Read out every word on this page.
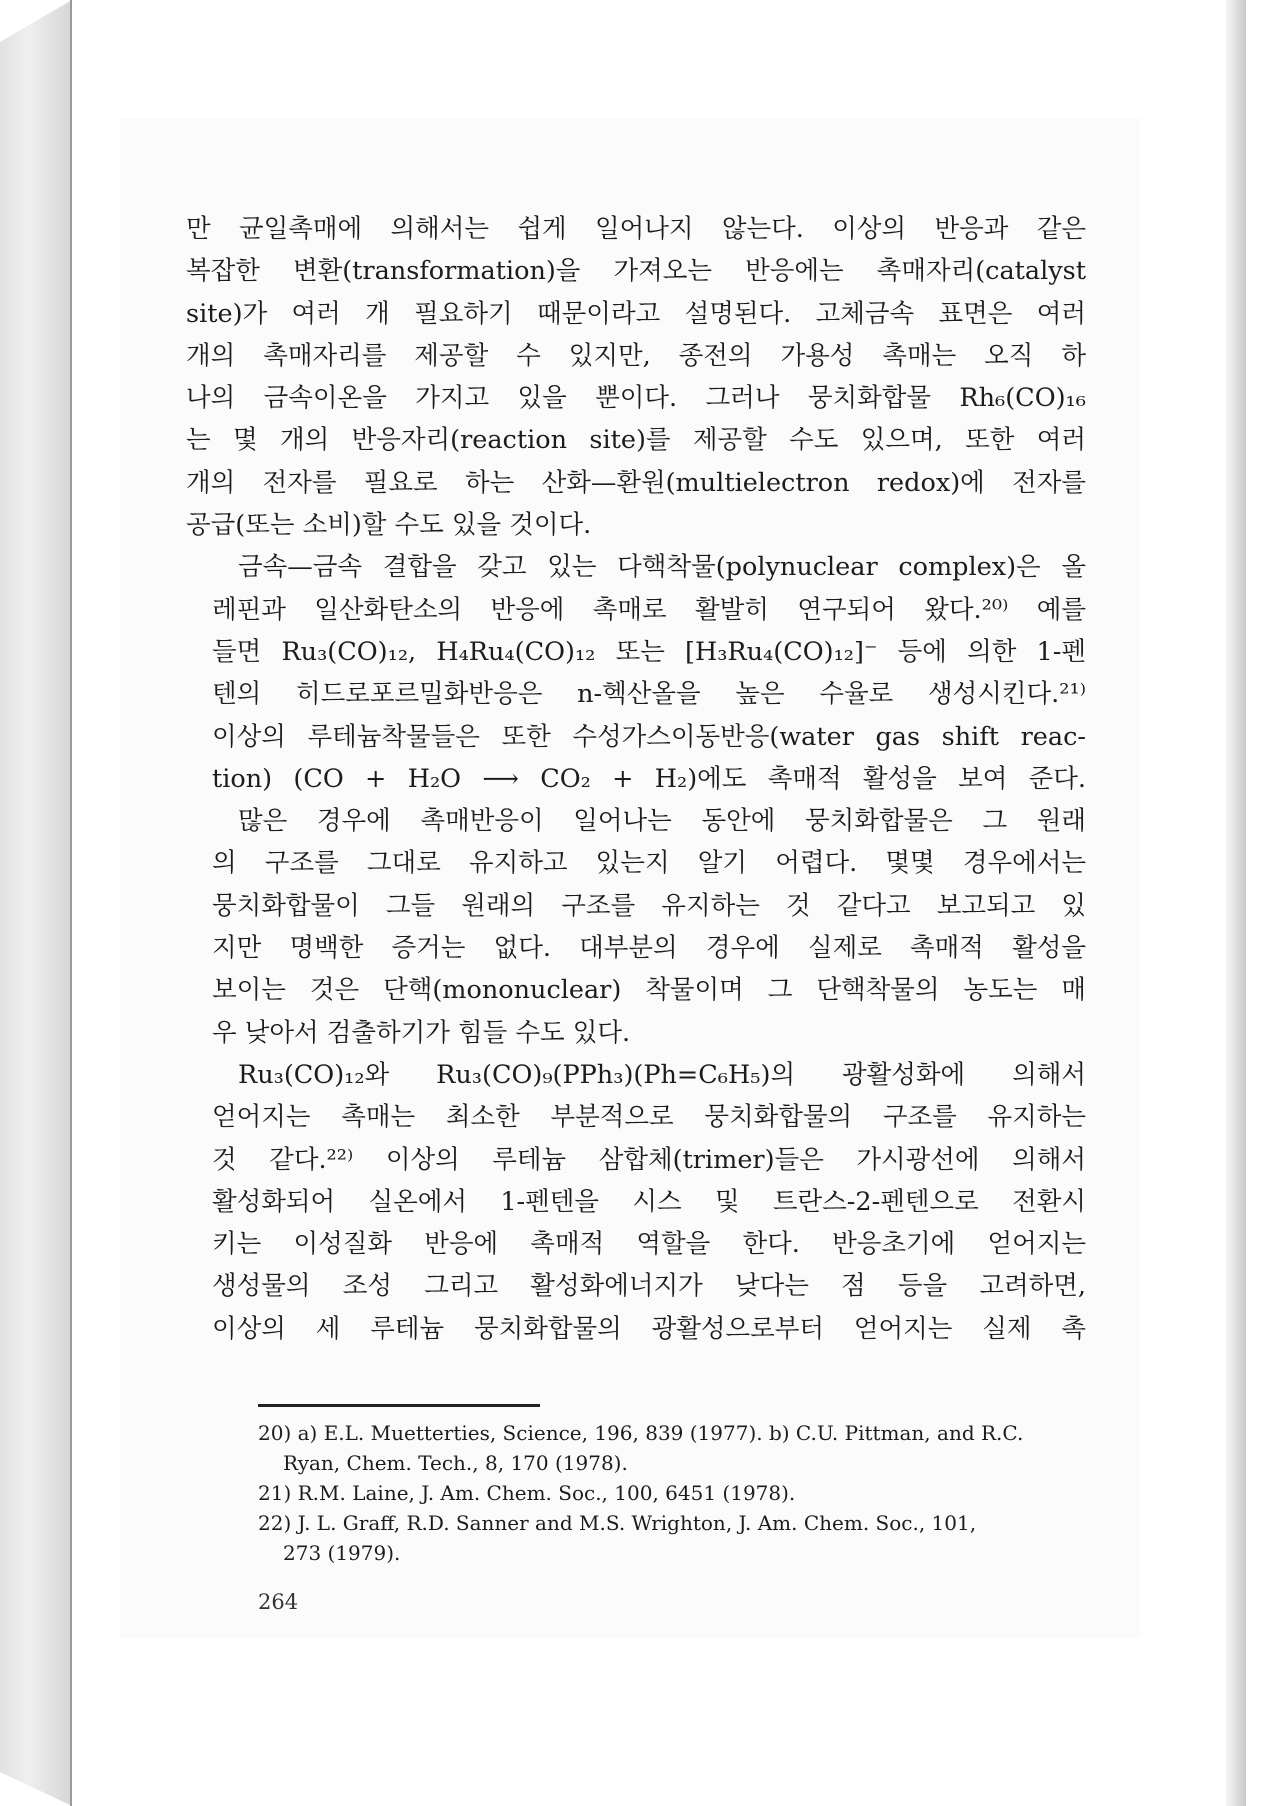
만 균일촉매에 의해서는 쉽게 일어나지 않는다. 이상의 반응과 같은
복잡한 변환(transformation)을 가져오는 반응에는 촉매자리(catalyst
site)가 여러 개 필요하기 때문이라고 설명된다. 고체금속 표면은 여러
개의 촉매자리를 제공할 수 있지만, 종전의 가용성 촉매는 오직 하
나의 금속이온을 가지고 있을 뿐이다. 그러나 뭉치화합물 Rh₆(CO)₁₆
는 몇 개의 반응자리(reaction site)를 제공할 수도 있으며, 또한 여러
개의 전자를 필요로 하는 산화—환원(multielectron redox)에 전자를
공급(또는 소비)할 수도 있을 것이다.

금속—금속 결합을 갖고 있는 다핵착물(polynuclear complex)은 올
레핀과 일산화탄소의 반응에 촉매로 활발히 연구되어 왔다.²⁰⁾ 예를
들면 Ru₃(CO)₁₂, H₄Ru₄(CO)₁₂ 또는 [H₃Ru₄(CO)₁₂]⁻ 등에 의한 1-펜
텐의 히드로포르밀화반응은 n-헥산올을 높은 수율로 생성시킨다.²¹⁾
이상의 루테늄착물들은 또한 수성가스이동반응(water gas shift reac-
tion) (CO + H₂O ⟶ CO₂ + H₂)에도 촉매적 활성을 보여 준다.

많은 경우에 촉매반응이 일어나는 동안에 뭉치화합물은 그 원래
의 구조를 그대로 유지하고 있는지 알기 어렵다. 몇몇 경우에서는
뭉치화합물이 그들 원래의 구조를 유지하는 것 같다고 보고되고 있
지만 명백한 증거는 없다. 대부분의 경우에 실제로 촉매적 활성을
보이는 것은 단핵(mononuclear) 착물이며 그 단핵착물의 농도는 매
우 낮아서 검출하기가 힘들 수도 있다.

Ru₃(CO)₁₂와 Ru₃(CO)₉(PPh₃)(Ph=C₆H₅)의 광활성화에 의해서
얻어지는 촉매는 최소한 부분적으로 뭉치화합물의 구조를 유지하는
것 같다.²²⁾ 이상의 루테늄 삼합체(trimer)들은 가시광선에 의해서
활성화되어 실온에서 1-펜텐을 시스 및 트란스-2-펜텐으로 전환시
키는 이성질화 반응에 촉매적 역할을 한다. 반응초기에 얻어지는
생성물의 조성 그리고 활성화에너지가 낮다는 점 등을 고려하면,
이상의 세 루테늄 뭉치화합물의 광활성으로부터 얻어지는 실제 촉

20) a) E.L. Muetterties, Science, 196, 839 (1977). b) C.U. Pittman, and R.C.
Ryan, Chem. Tech., 8, 170 (1978).
21) R.M. Laine, J. Am. Chem. Soc., 100, 6451 (1978).
22) J. L. Graff, R.D. Sanner and M.S. Wrighton, J. Am. Chem. Soc., 101,
273 (1979).
264
